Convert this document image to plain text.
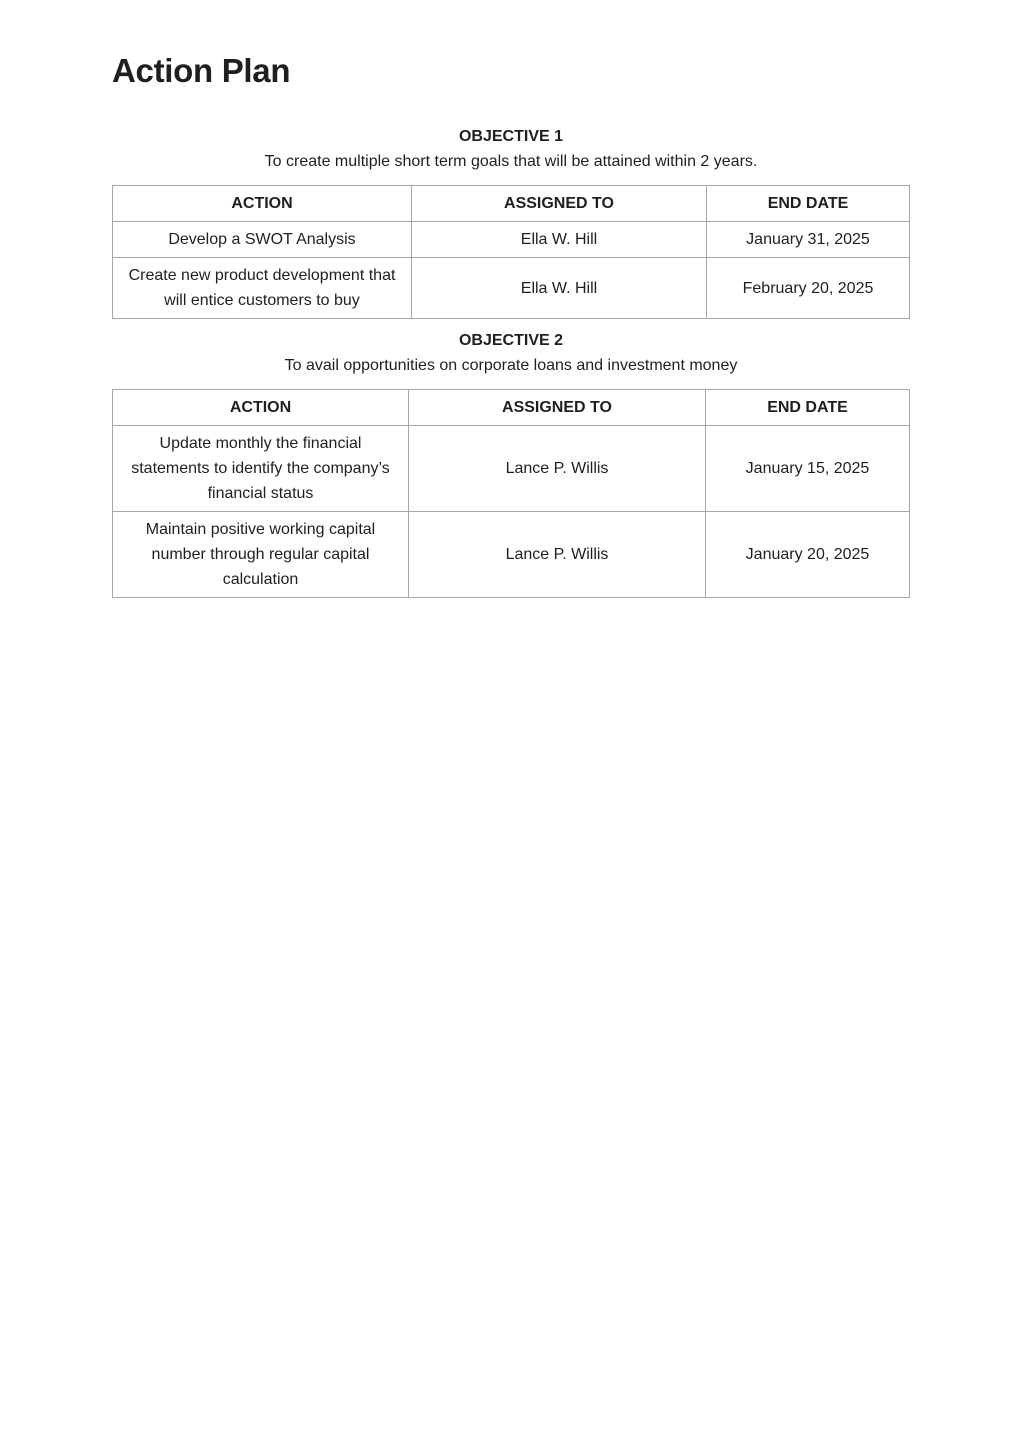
Action Plan
OBJECTIVE 1
To create multiple short term goals that will be attained within 2 years.
ACTION	ASSIGNED TO	END DATE
Develop a SWOT Analysis	Ella W. Hill	January 31, 2025
Create new product development that will entice customers to buy	Ella W. Hill	February 20, 2025
OBJECTIVE 2
To avail opportunities on corporate loans and investment money
ACTION	ASSIGNED TO	END DATE
Update monthly the financial statements to identify the company’s financial status	Lance P. Willis	January 15, 2025
Maintain positive working capital number through regular capital calculation	Lance P. Willis	January 20, 2025
